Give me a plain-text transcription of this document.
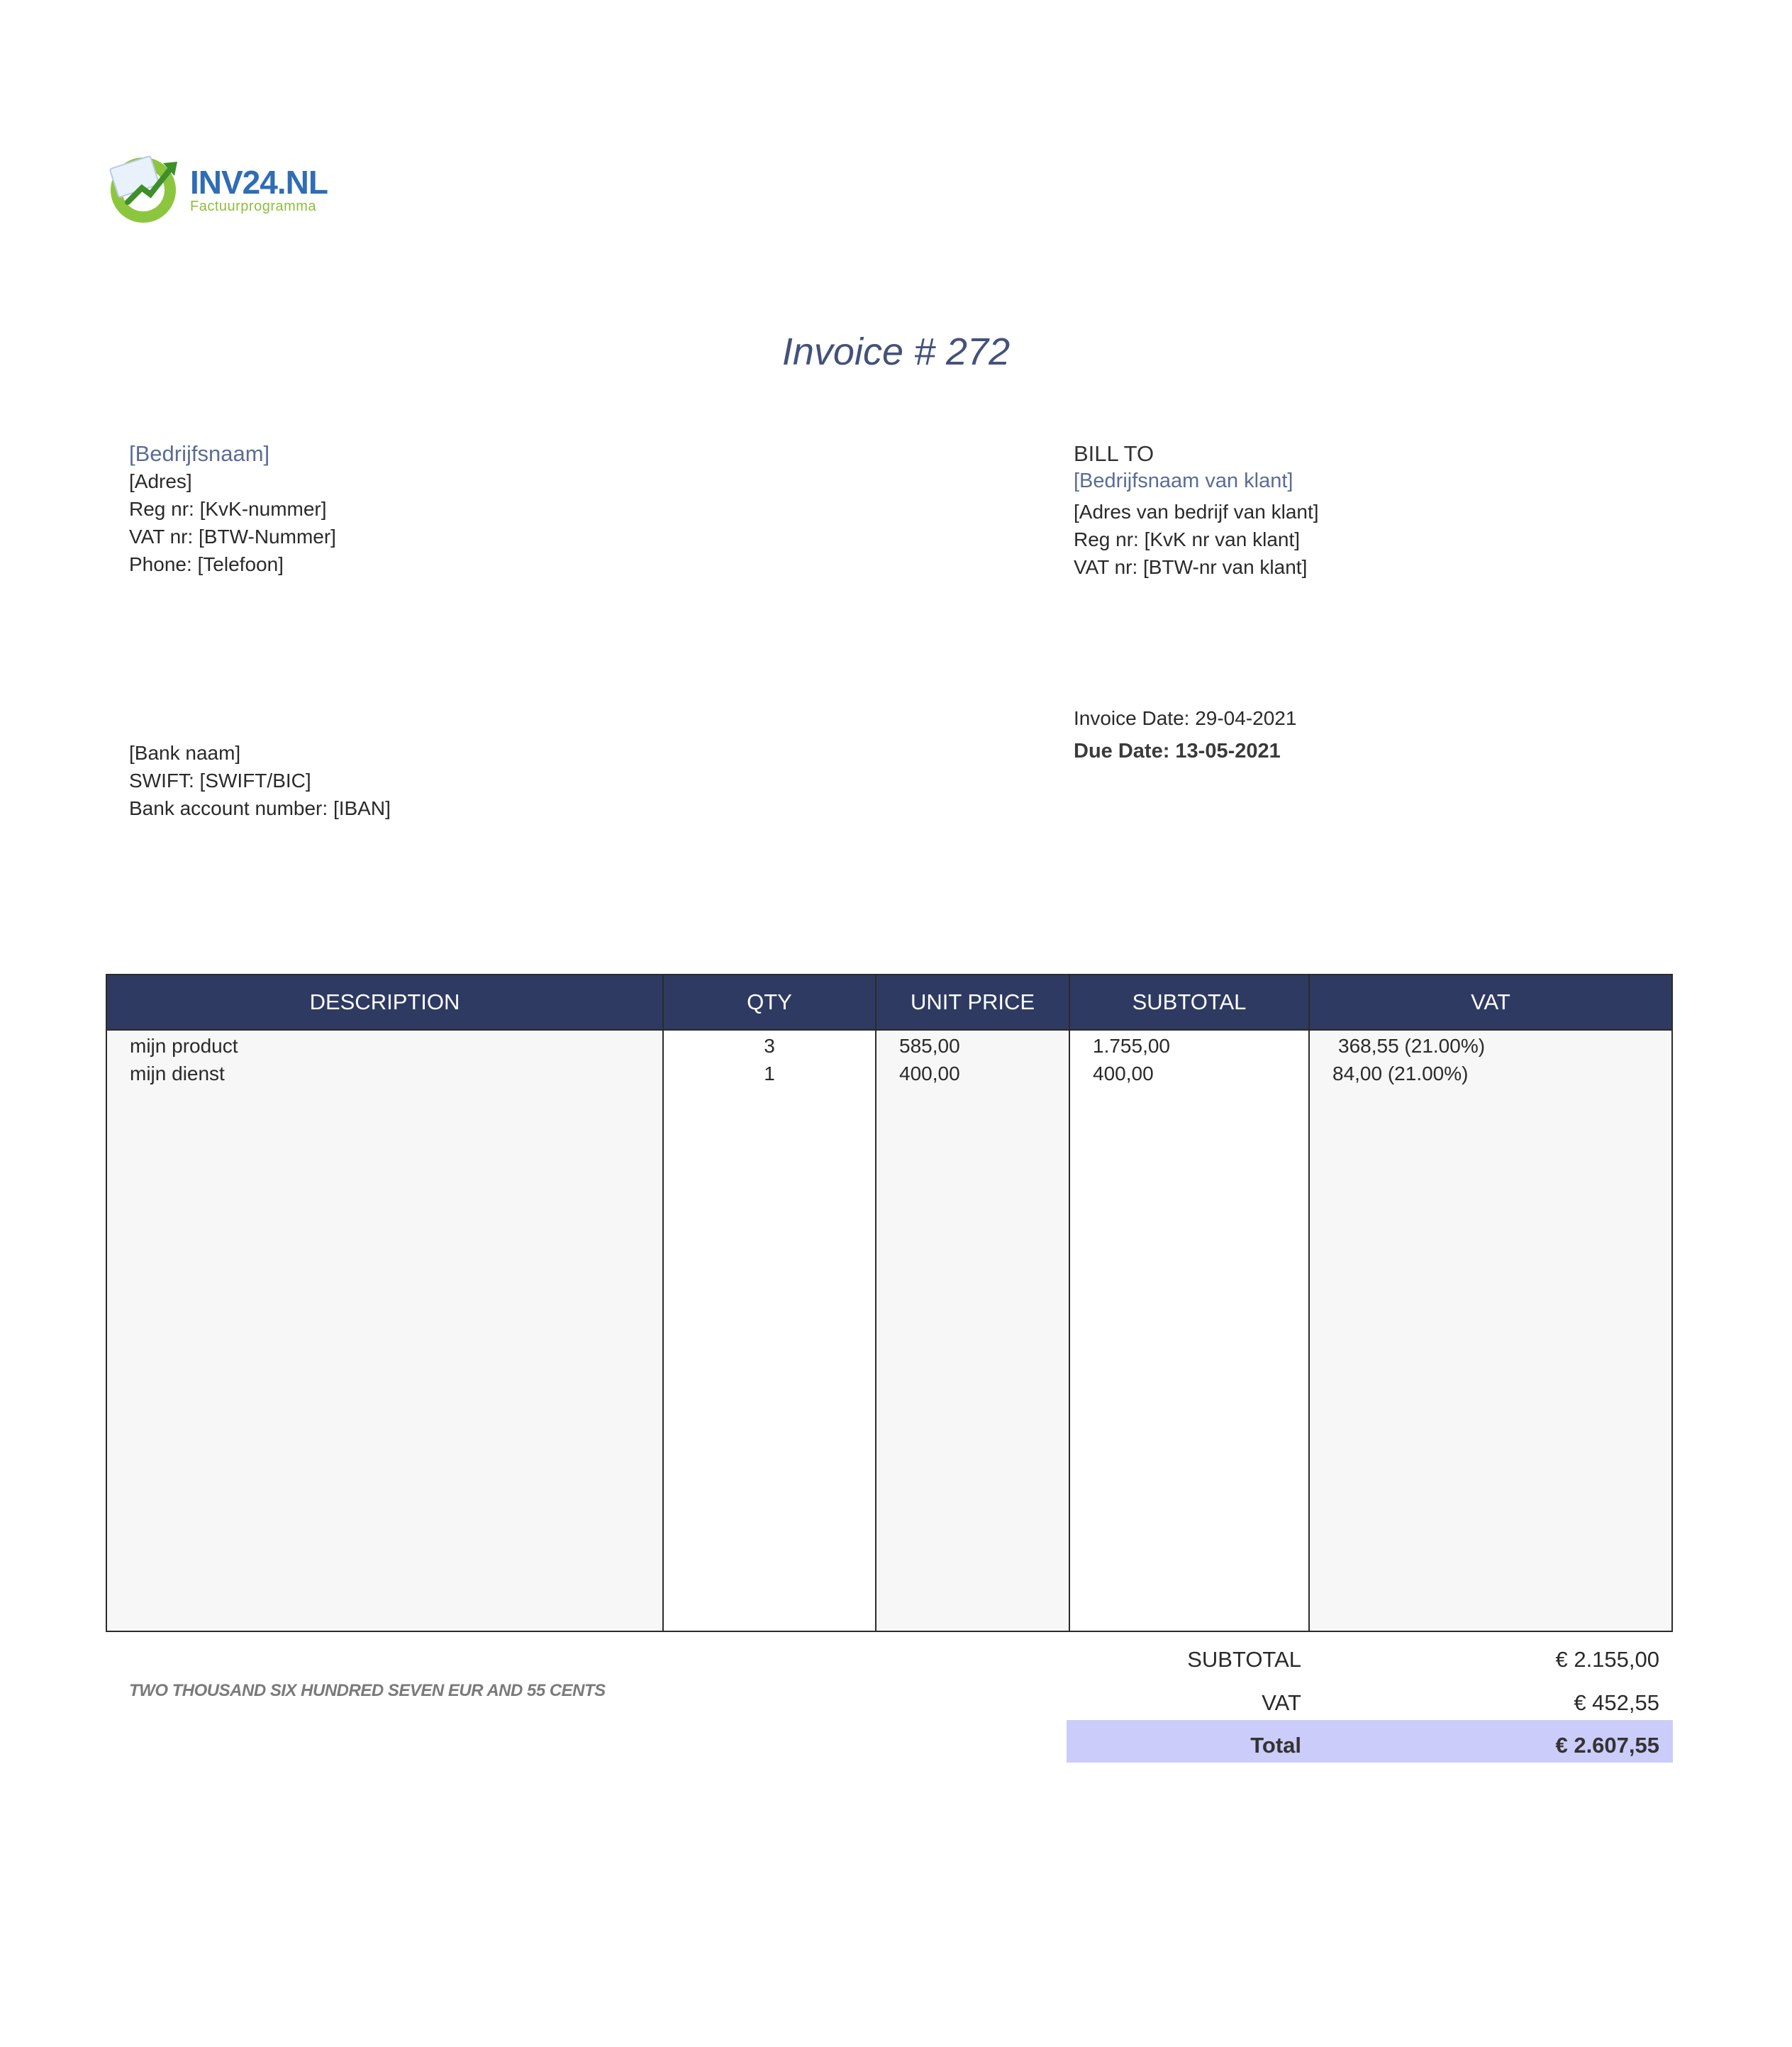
INV24.NL
Factuurprogramma
Invoice # 272
[Bedrijfsnaam]
[Adres]
Reg nr: [KvK-nummer]
VAT nr: [BTW-Nummer]
Phone: [Telefoon]
BILL TO
[Bedrijfsnaam van klant]
[Adres van bedrijf van klant]
Reg nr: [KvK nr van klant]
VAT nr: [BTW-nr van klant]
Invoice Date: 29-04-2021
Due Date: 13-05-2021
[Bank naam]
SWIFT: [SWIFT/BIC]
Bank account number: [IBAN]
DESCRIPTION	QTY	UNIT PRICE	SUBTOTAL	VAT
mijn product	3	585,00	1.755,00	368,55 (21.00%)
mijn dienst	1	400,00	400,00	84,00 (21.00%)
TWO THOUSAND SIX HUNDRED SEVEN EUR AND 55 CENTS
SUBTOTAL	€ 2.155,00
VAT	€ 452,55
Total	€ 2.607,55
